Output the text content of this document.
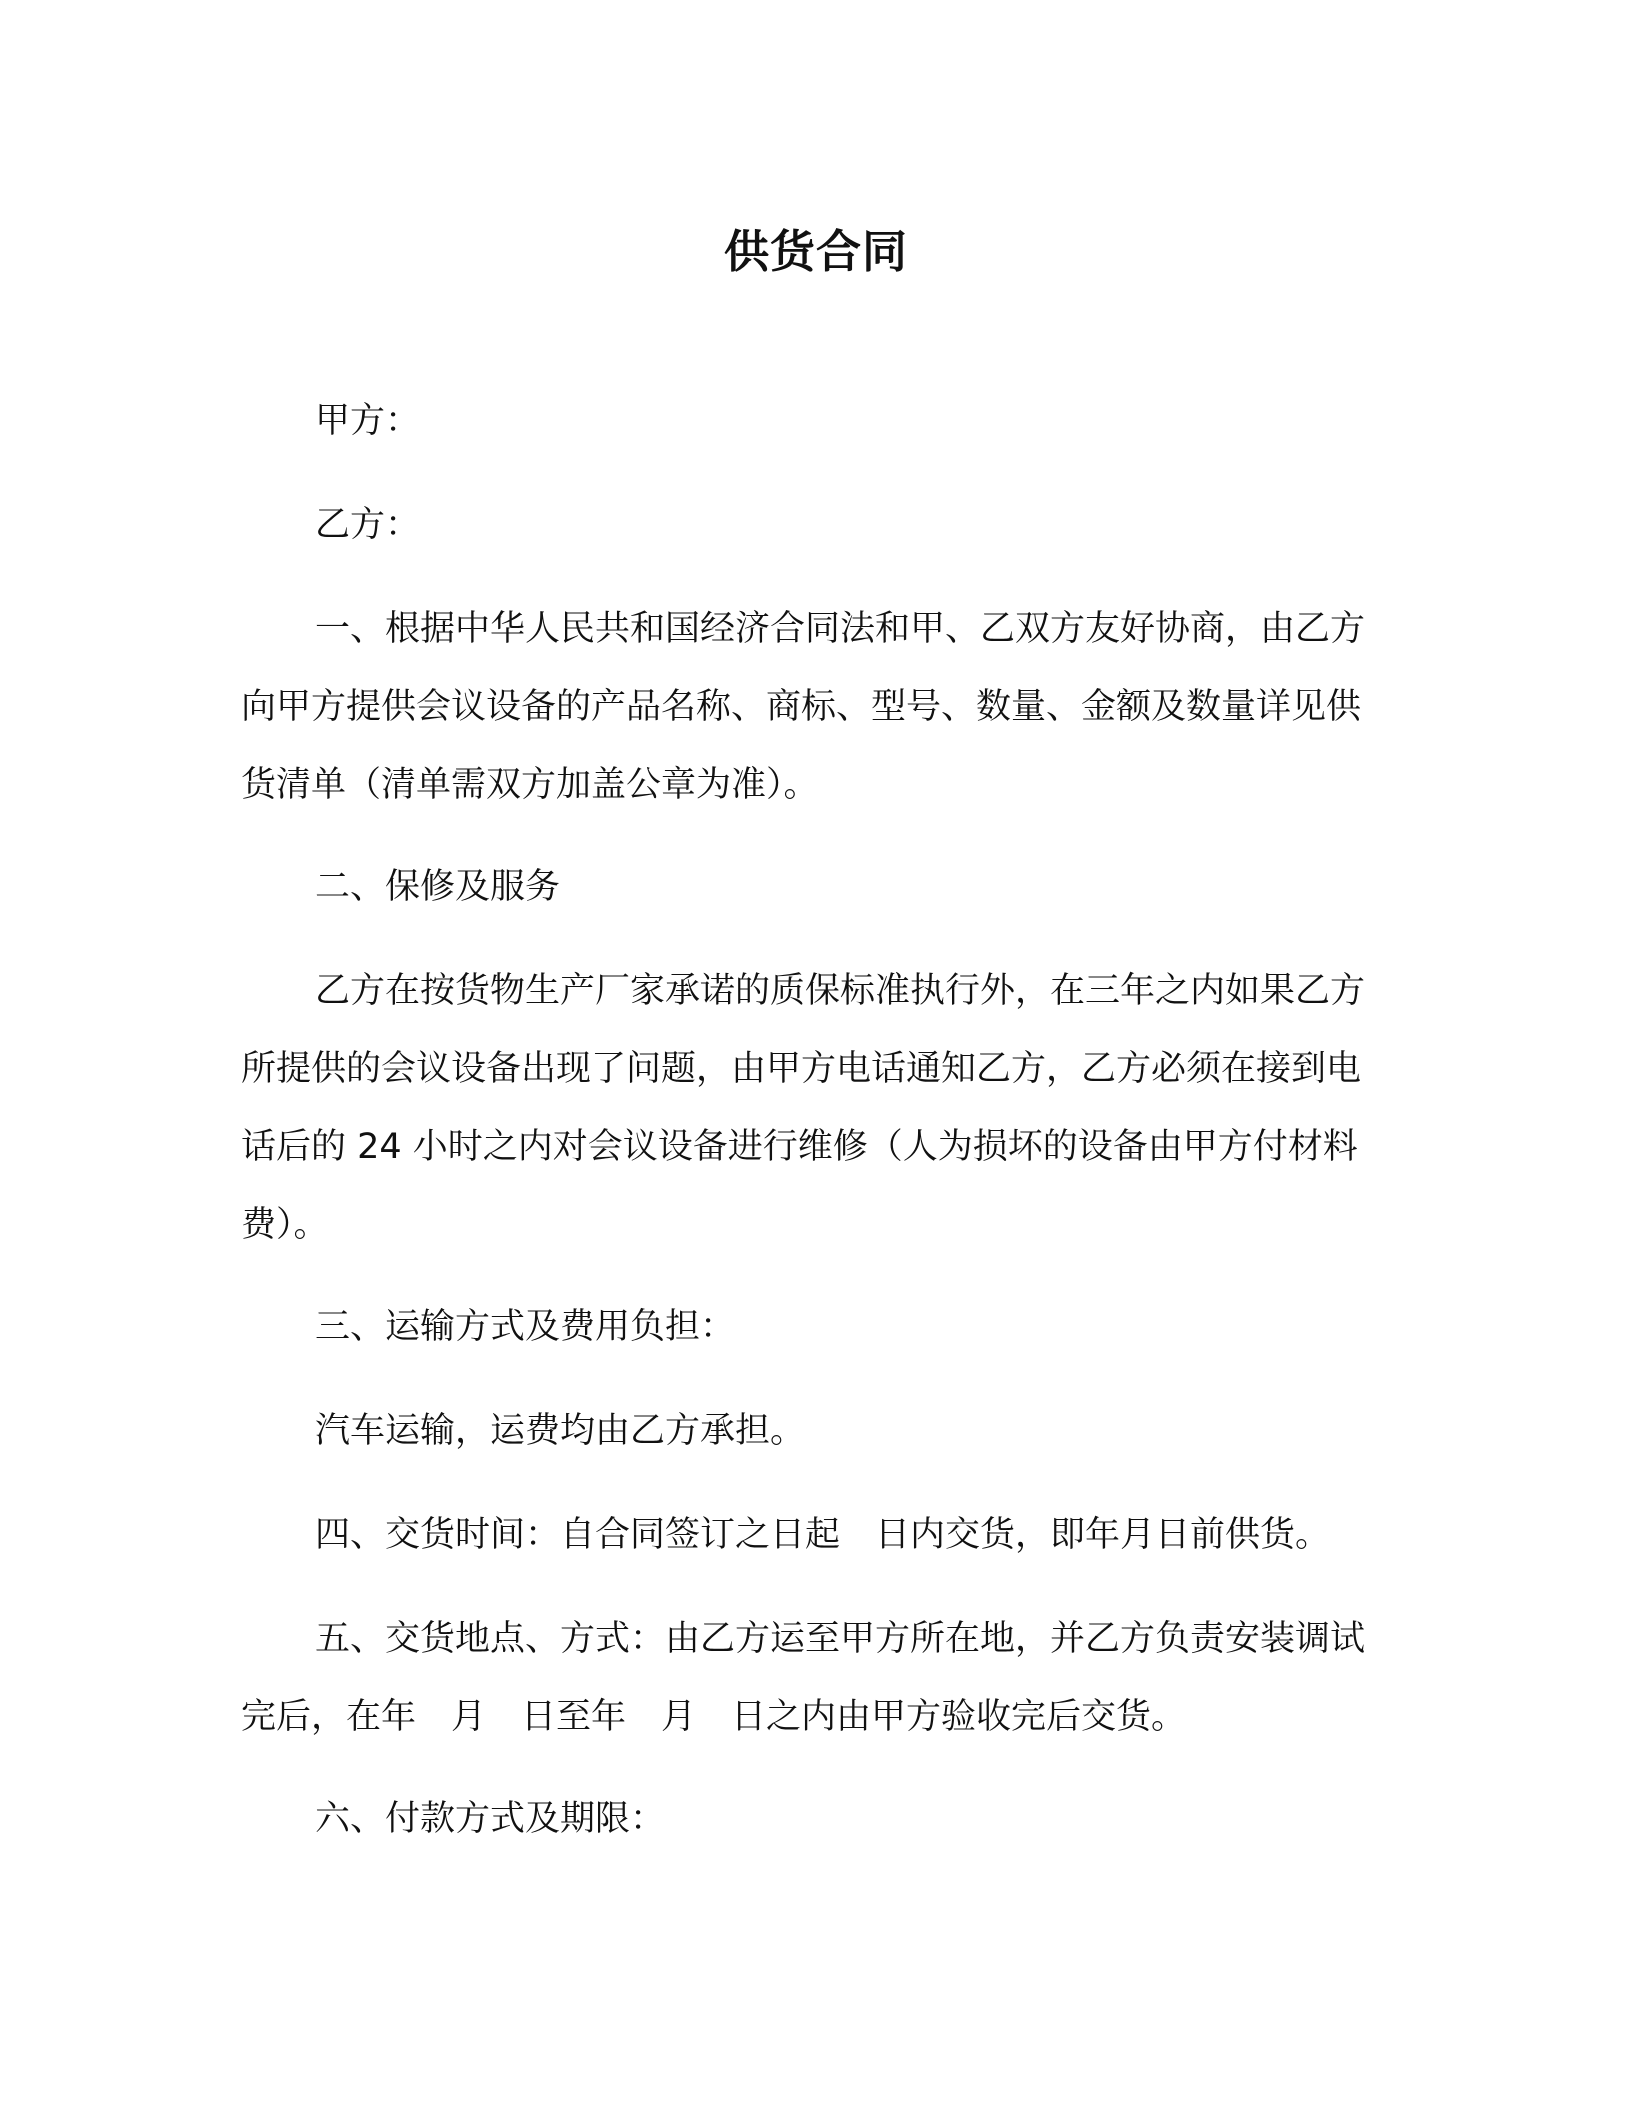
供货合同

甲方：

乙方：

一、根据中华人民共和国经济合同法和甲、乙双方友好协商，由乙方向甲方提供会议设备的产品名称、商标、型号、数量、金额及数量详见供货清单（清单需双方加盖公章为准）。

二、保修及服务

乙方在按货物生产厂家承诺的质保标准执行外，在三年之内如果乙方所提供的会议设备出现了问题，由甲方电话通知乙方，乙方必须在接到电话后的 24 小时之内对会议设备进行维修（人为损坏的设备由甲方付材料费）。

三、运输方式及费用负担：

汽车运输，运费均由乙方承担。

四、交货时间：自合同签订之日起　日内交货，即年月日前供货。

五、交货地点、方式：由乙方运至甲方所在地，并乙方负责安装调试完后，在年　月　日至年　月　日之内由甲方验收完后交货。

六、付款方式及期限：
